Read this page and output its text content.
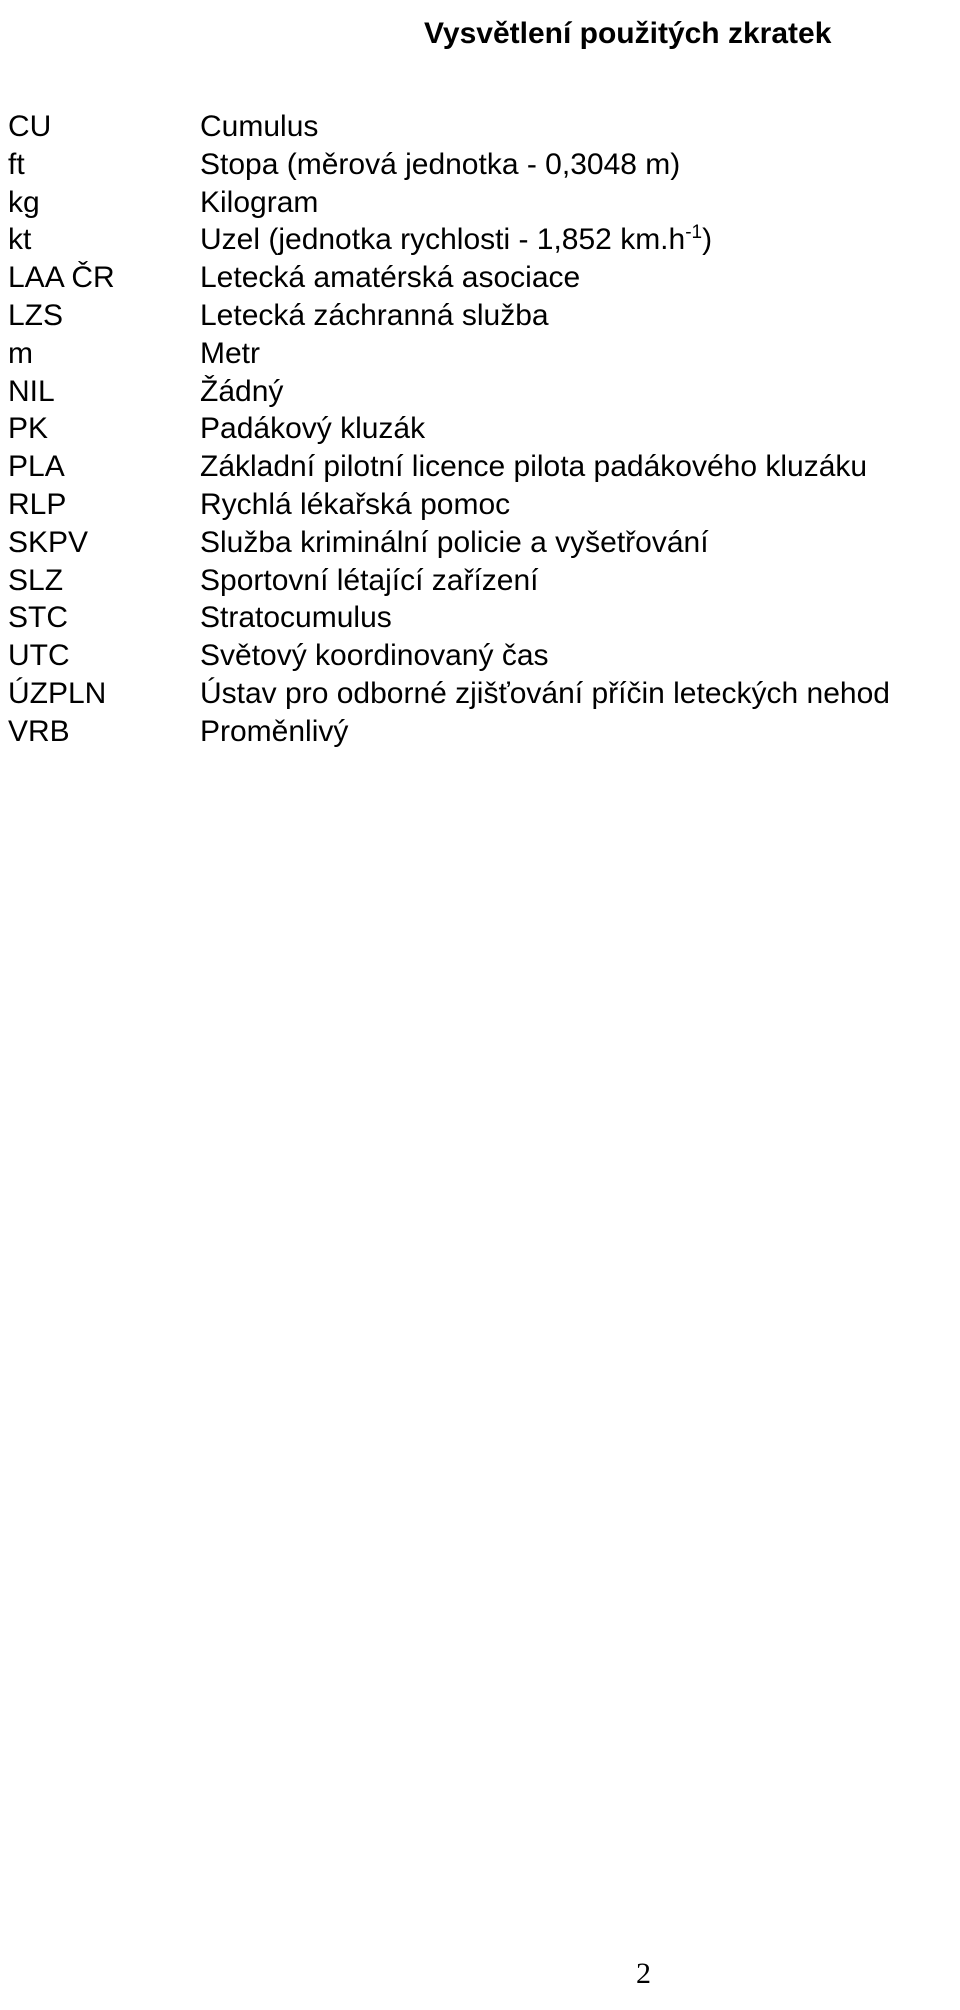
Vysvětlení použitých zkratek
CU	Cumulus
ft	Stopa (měrová jednotka - 0,3048 m)
kg	Kilogram
kt	Uzel (jednotka rychlosti - 1,852 $km.h^{-1}$)
LAA ČR	Letecká amatérská asociace
LZS	Letecká záchranná služba
m	Metr
NIL	Žádný
PK	Padákový kluzák
PLA	Základní pilotní licence pilota padákového kluzáku
RLP	Rychlá lékařská pomoc
SKPV	Služba kriminální policie a vyšetřování
SLZ	Sportovní létající zařízení
STC	Stratocumulus
UTC	Světový koordinovaný čas
ÚZPLN	Ústav pro odborné zjišťování příčin leteckých nehod
VRB	Proměnlivý
2
